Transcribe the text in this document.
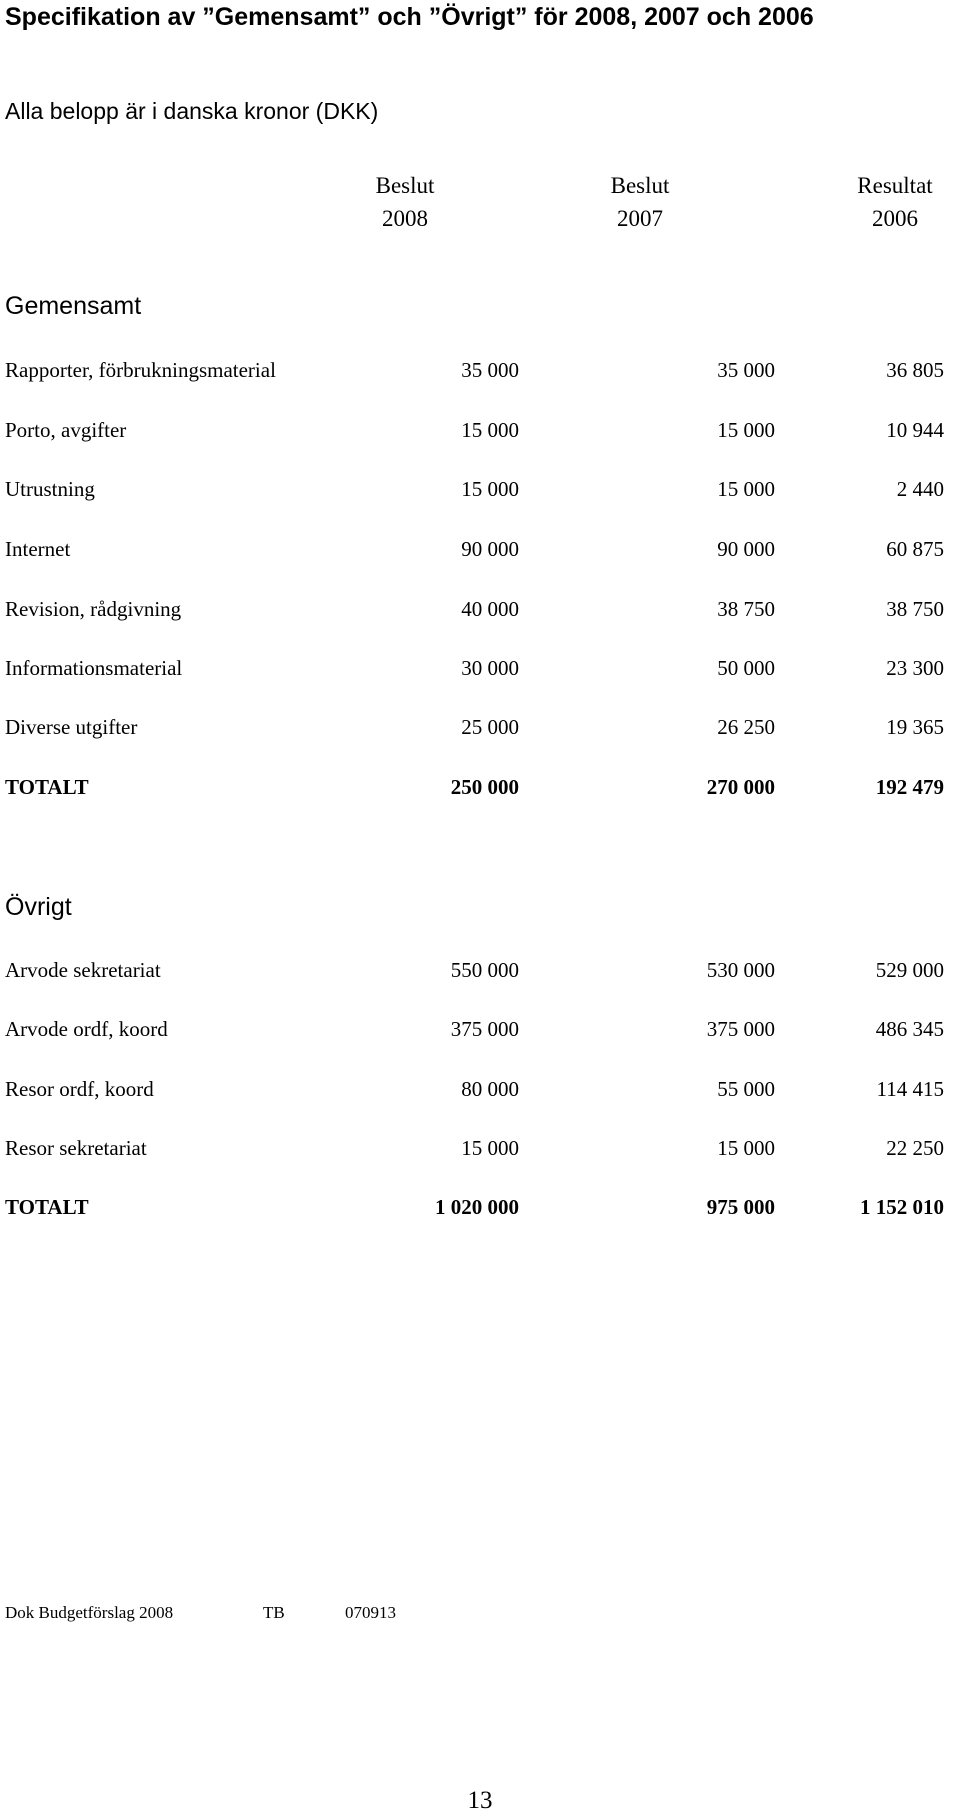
Specifikation av ”Gemensamt” och ”Övrigt” för 2008, 2007 och 2006
Alla belopp är i danska kronor (DKK)
Beslut
2008
Beslut
2007
Resultat
2006
Gemensamt
Rapporter, förbrukningsmaterial	35 000	35 000	36 805
Porto, avgifter	15 000	15 000	10 944
Utrustning	15 000	15 000	2 440
Internet	90 000	90 000	60 875
Revision, rådgivning	40 000	38 750	38 750
Informationsmaterial	30 000	50 000	23 300
Diverse utgifter	25 000	26 250	19 365
TOTALT	250 000	270 000	192 479
Övrigt
Arvode sekretariat	550 000	530 000	529 000
Arvode ordf, koord	375 000	375 000	486 345
Resor ordf, koord	80 000	55 000	114 415
Resor sekretariat	15 000	15 000	22 250
TOTALT	1 020 000	975 000	1 152 010
Dok Budgetförslag 2008	TB	070913
13
